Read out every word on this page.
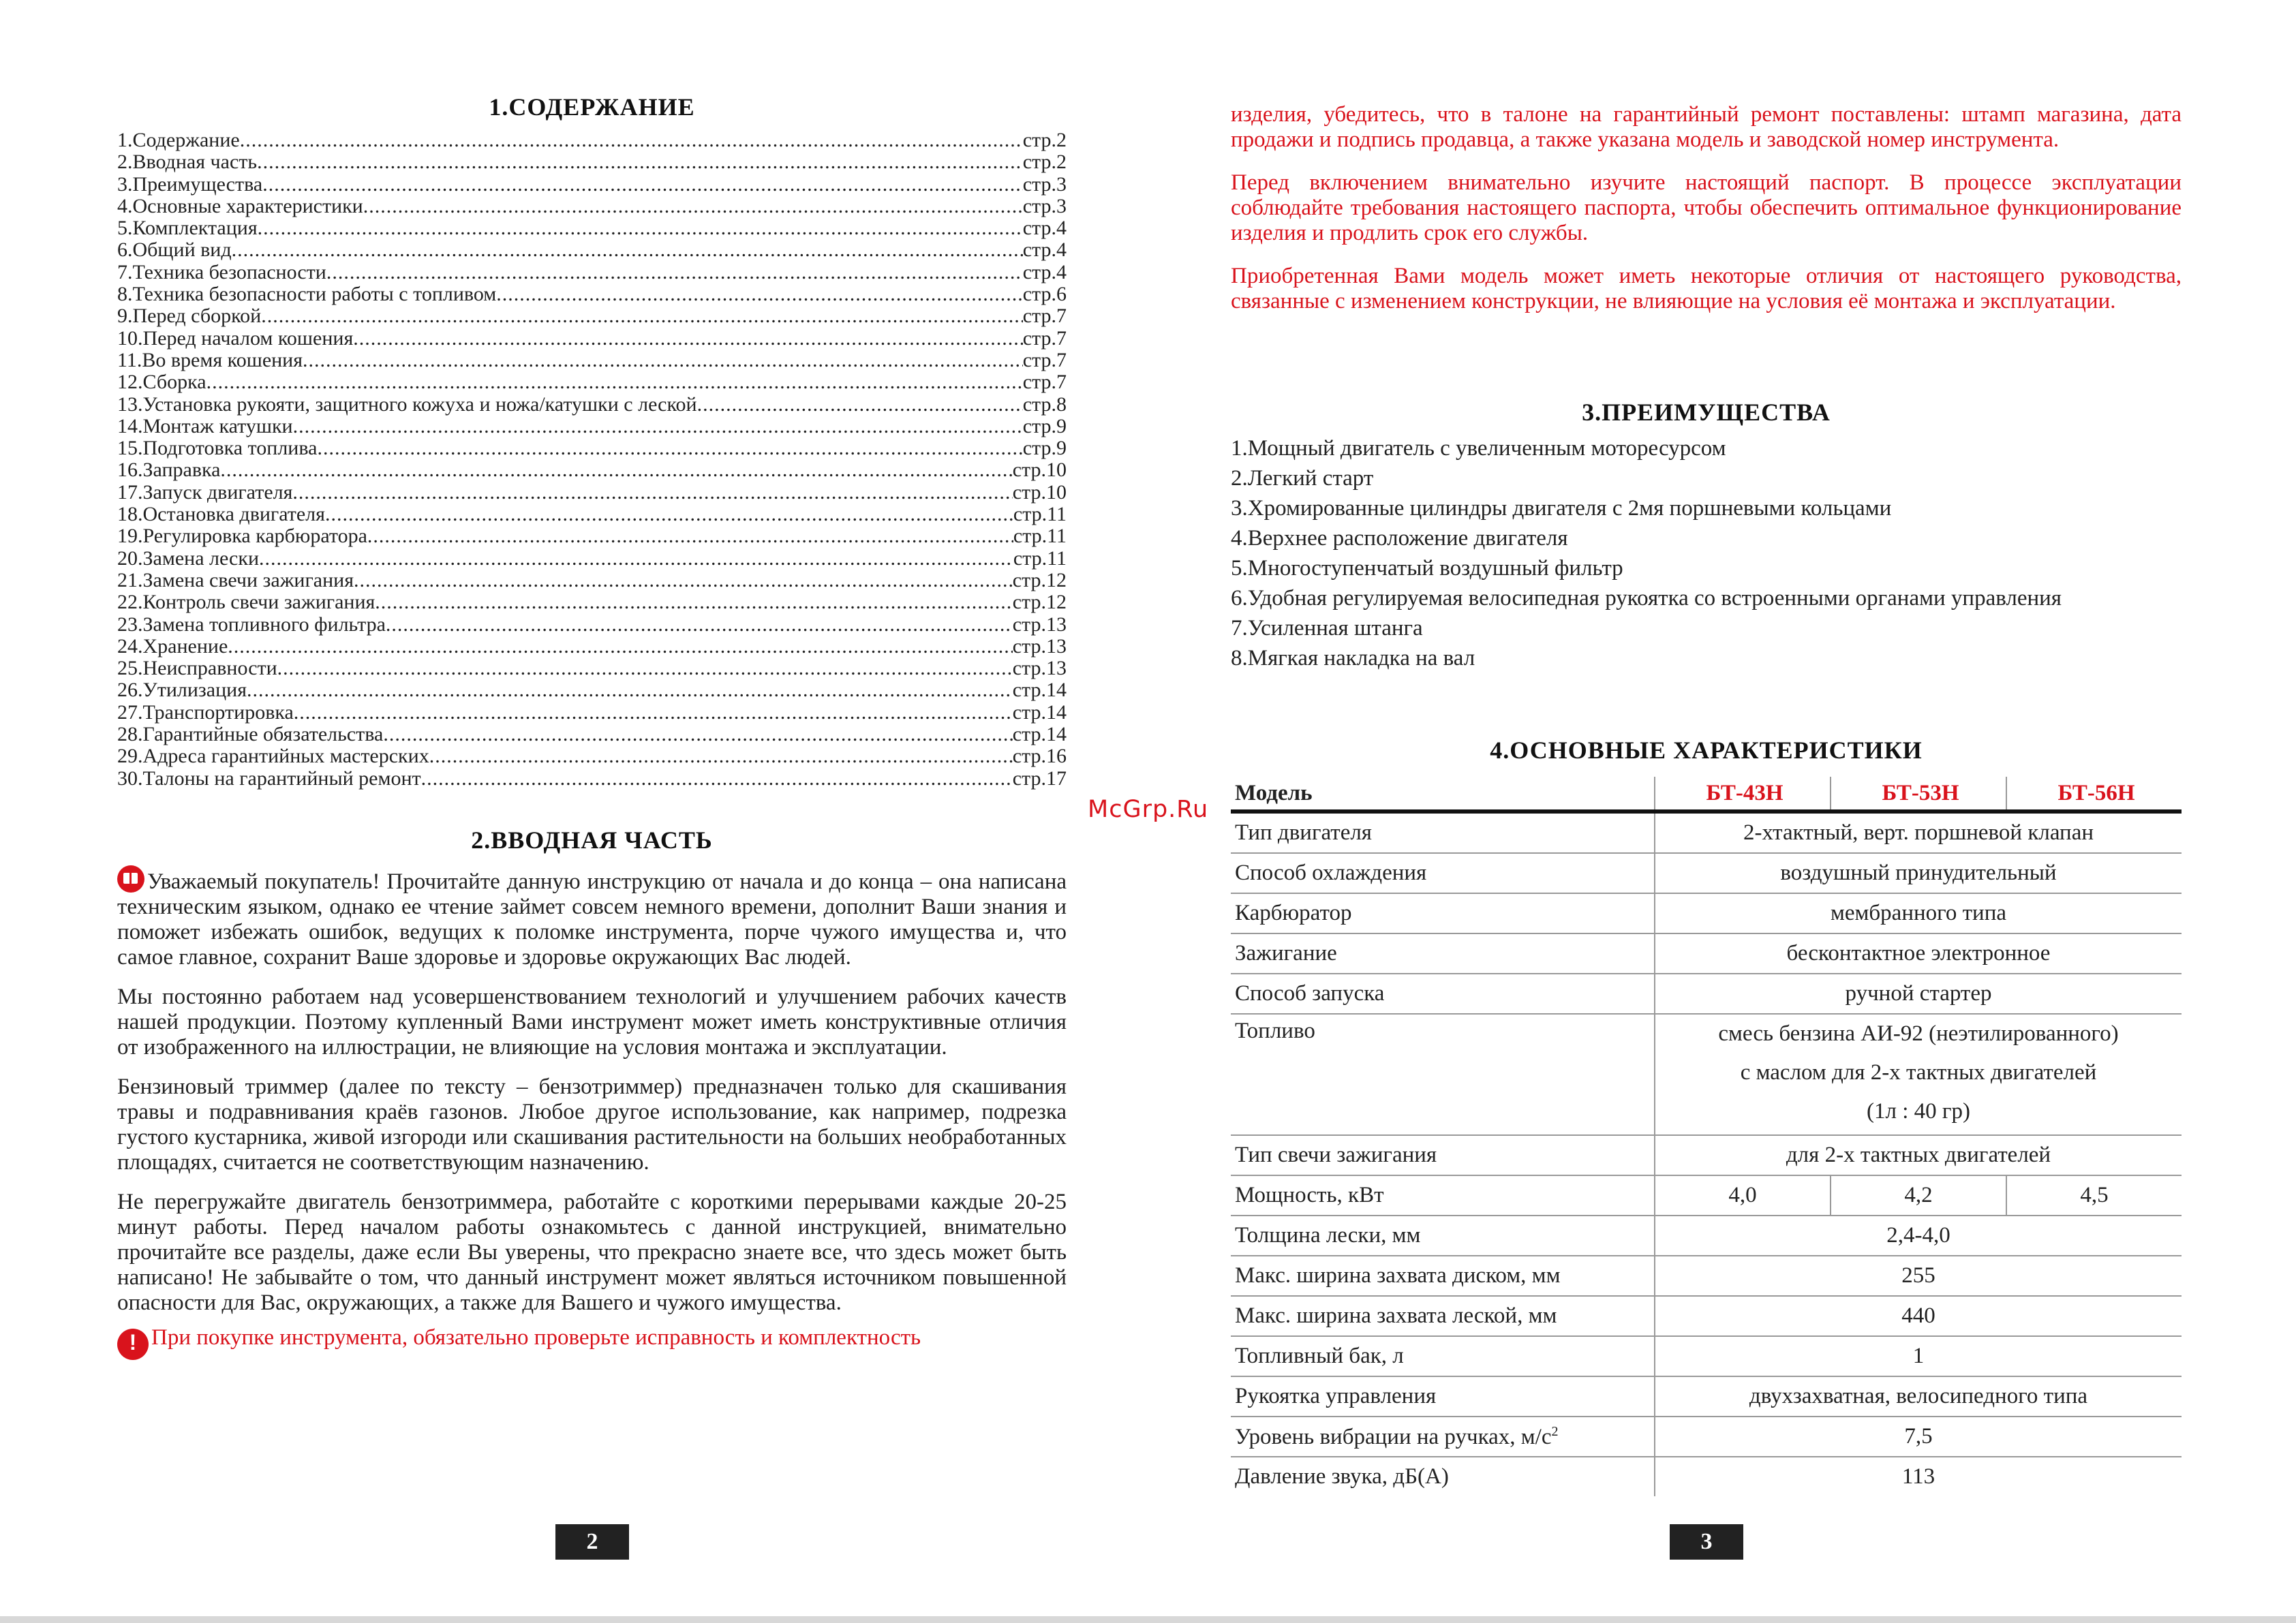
1.СОДЕРЖАНИЕ
1.Содержание .....	стр.2
2.Вводная часть .....	стр.2
3.Преимущества .....	стр.3
4.Основные характеристики .....	стр.3
5.Комплектация .....	стр.4
6.Общий вид .....	стр.4
7.Техника безопасности .....	стр.4
8.Техника безопасности работы с топливом .....	стр.6
9.Перед сборкой .....	стр.7
10.Перед началом кошения .....	стр.7
11.Во время кошения .....	стр.7
12.Сборка .....	стр.7
13.Установка рукояти, защитного кожуха и ножа/катушки с леской .....	стр.8
14.Монтаж катушки .....	стр.9
15.Подготовка топлива .....	стр.9
16.Заправка .....	стр.10
17.Запуск двигателя .....	стр.10
18.Остановка двигателя .....	стр.11
19.Регулировка карбюратора .....	стр.11
20.Замена лески .....	стр.11
21.Замена свечи зажигания .....	стр.12
22.Контроль свечи зажигания .....	стр.12
23.Замена топливного фильтра .....	стр.13
24.Хранение .....	стр.13
25.Неисправности .....	стр.13
26.Утилизация .....	стр.14
27.Транспортировка .....	стр.14
28.Гарантийные обязательства .....	стр.14
29.Адреса гарантийных мастерских .....	стр.16
30.Талоны на гарантийный ремонт .....	стр.17
2.ВВОДНАЯ ЧАСТЬ

Уважаемый покупатель! Прочитайте данную инструкцию от начала и до конца – она написана техническим языком, однако ее чтение займет совсем немного времени, дополнит Ваши знания и поможет избежать ошибок, ведущих к поломке инструмента, порче чужого имущества и, что самое главное, сохранит Ваше здоровье и здоровье окружающих Вас людей.

Мы постоянно работаем над усовершенствованием технологий и улучшением рабочих качеств нашей продукции. Поэтому купленный Вами инструмент может иметь конструктивные отличия от изображенного на иллюстрации, не влияющие на условия монтажа и эксплуатации.

Бензиновый триммер (далее по тексту – бензотриммер) предназначен только для скашивания травы и подравнивания краёв газонов. Любое другое использование, как например, подрезка густого кустарника, живой изгороди или скашивания растительности на больших необработанных площадях, считается не соответствующим назначению.

Не перегружайте двигатель бензотриммера, работайте с короткими перерывами каждые 20-25 минут работы. Перед началом работы ознакомьтесь с данной инструкцией, внимательно прочитайте все разделы, даже если Вы уверены, что прекрасно знаете все, что здесь может быть написано! Не забывайте о том, что данный инструмент может являться источником повышенной опасности для Вас, окружающих, а также для Вашего и чужого имущества.

! При покупке инструмента, обязательно проверьте исправность и комплектность

2
McGrp.Ru

изделия, убедитесь, что в талоне на гарантийный ремонт поставлены: штамп магазина, дата продажи и подпись продавца, а также указана модель и заводской номер инструмента.

Перед включением внимательно изучите настоящий паспорт. В процессе эксплуатации соблюдайте требования настоящего паспорта, чтобы обеспечить оптимальное функционирование изделия и продлить срок его службы.

Приобретенная Вами модель может иметь некоторые отличия от настоящего руководства, связанные с изменением конструкции, не влияющие на условия её монтажа и эксплуатации.

3.ПРЕИМУЩЕСТВА
1.Мощный двигатель с увеличенным моторесурсом
2.Легкий старт
3.Хромированные цилиндры двигателя с 2мя поршневыми кольцами
4.Верхнее расположение двигателя
5.Многоступенчатый воздушный фильтр
6.Удобная регулируемая велосипедная рукоятка со встроенными органами управления
7.Усиленная штанга
8.Мягкая накладка на вал
4.ОСНОВНЫЕ ХАРАКТЕРИСТИКИ
Модель	БТ-43Н	БТ-53Н	БТ-56Н
Тип двигателя	2-хтактный, верт. поршневой клапан		
Способ охлаждения	воздушный принудительный		
Карбюратор	мембранного типа		
Зажигание	бесконтактное электронное		
Способ запуска	ручной стартер		
Топливо	смесь бензина АИ-92 (неэтилированного)
с маслом для 2-х тактных двигателей
(1л : 40 гр)		

Тип свечи зажигания	для 2-х тактных двигателей		
Мощность, кВт	4,0	4,2	4,5
Толщина лески, мм	2,4-4,0		
Макс. ширина захвата диском, мм	255		
Макс. ширина захвата леской, мм	440		
Топливный бак, л	1		
Рукоятка управления	двухзахватная, велосипедного типа		
Уровень вибрации на ручках, $м/с^2$	7,5		
Давление звука, дБ(А)	113		
3
